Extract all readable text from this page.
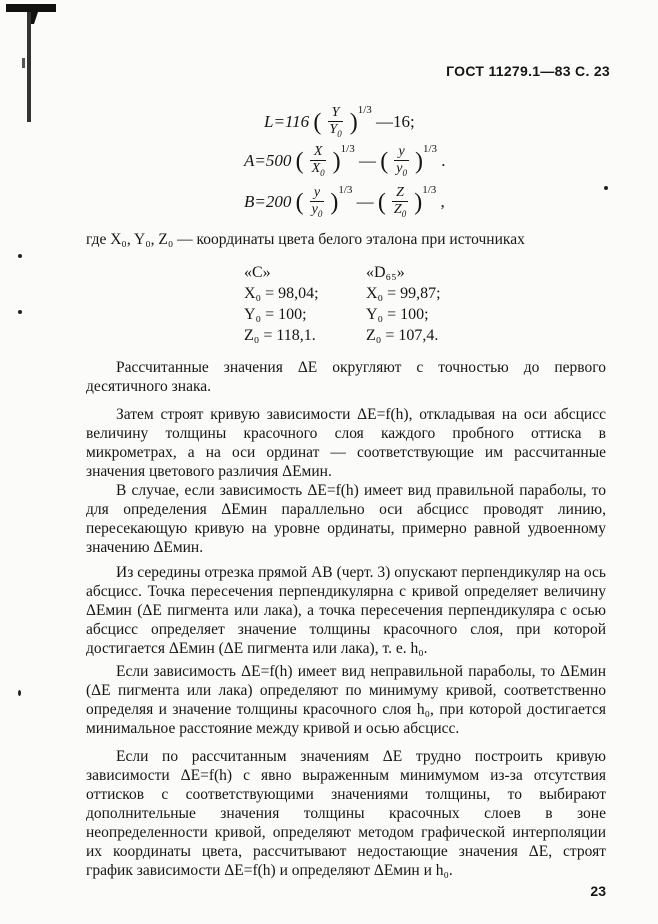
ГОСТ 11279.1—83 С. 23
L=116 ( $\frac{Y}{Y_0} )^{1/3}$ —16;
A=500 ( $\frac{X}{X_0} )^{1/3}$ — ( $\frac{y}{y_0} )^{1/3}$ .
B=200 ( $\frac{y}{y_0} )^{1/3}$ — ( $\frac{Z}{Z_0} )^{1/3}$ ,

где X₀, Y₀, Z₀ — координаты цвета белого эталона при источниках

«C»	«D₆₅»
X₀ = 98,04;	X₀ = 99,87;
Y₀ = 100;	Y₀ = 100;
Z₀ = 118,1.	Z₀ = 107,4.

Рассчитанные значения ΔE округляют с точностью до первого десятичного знака.

Затем строят кривую зависимости ΔE=f(h), откладывая на оси абсцисс величину толщины красочного слоя каждого пробного оттиска в микрометрах, а на оси ординат — соответствующие им рассчитанные значения цветового различия ΔEмин.

В случае, если зависимость ΔE=f(h) имеет вид правильной параболы, то для определения ΔEмин параллельно оси абсцисс проводят линию, пересекающую кривую на уровне ординаты, примерно равной удвоенному значению ΔEмин.

Из середины отрезка прямой AB (черт. 3) опускают перпендикуляр на ось абсцисс. Точка пересечения перпендикулярна с кривой определяет величину ΔEмин (ΔE пигмента или лака), а точка пересечения перпендикуляра с осью абсцисс определяет значение толщины красочного слоя, при которой достигается ΔEмин (ΔE пигмента или лака), т. е. h₀.

Если зависимость ΔE=f(h) имеет вид неправильной параболы, то ΔEмин (ΔE пигмента или лака) определяют по минимуму кривой, соответственно определяя и значение толщины красочного слоя h₀, при которой достигается минимальное расстояние между кривой и осью абсцисс.

Если по рассчитанным значениям ΔE трудно построить кривую зависимости ΔE=f(h) с явно выраженным минимумом из-за отсутствия оттисков с соответствующими значениями толщины, то выбирают дополнительные значения толщины красочных слоев в зоне неопределенности кривой, определяют методом графической интерполяции их координаты цвета, рассчитывают недостающие значения ΔE, строят график зависимости ΔE=f(h) и определяют ΔEмин и h₀.

23
